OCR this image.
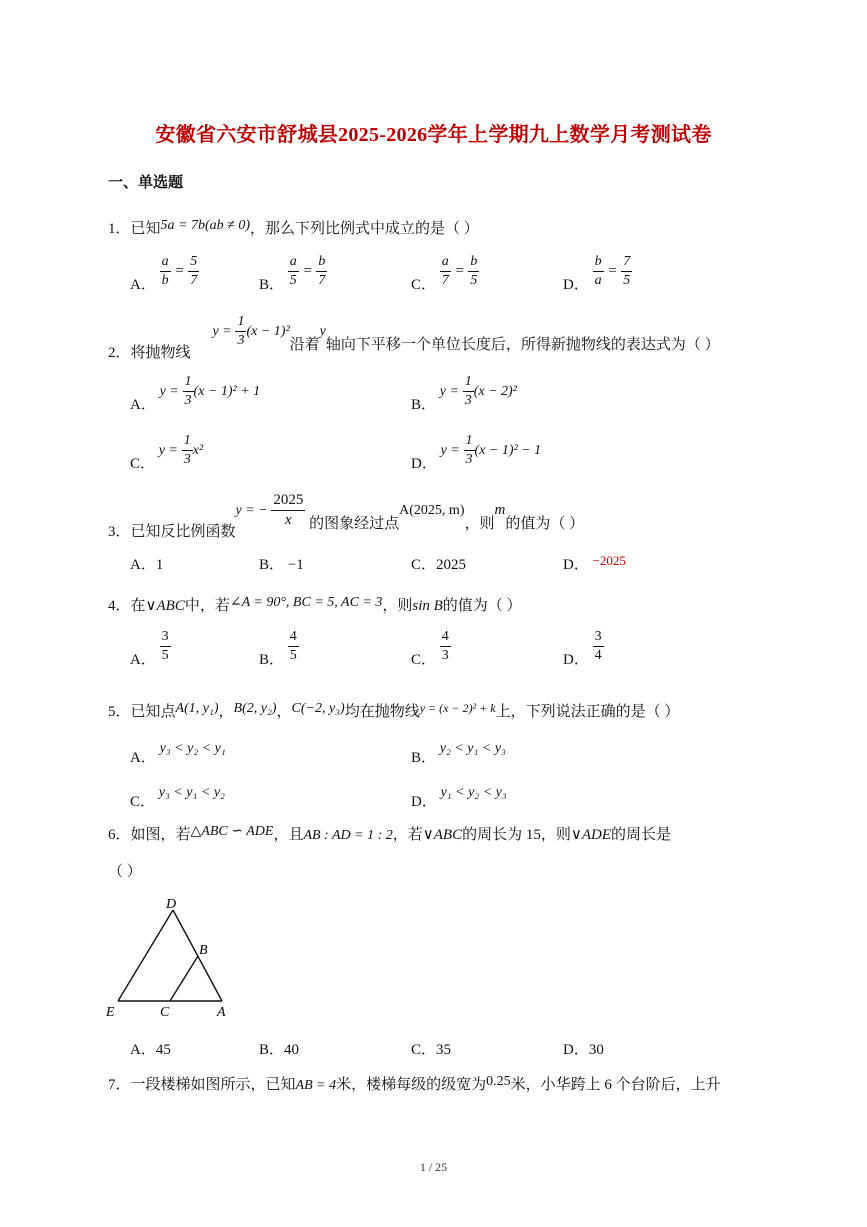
安徽省六安市舒城县2025-2026学年上学期九上数学月考测试卷
一、单选题
1．已知5a = 7b(ab ≠ 0)，那么下列比例式中成立的是（ ）
A． $\frac{a}{b} = \frac{5}{7}$	B． $\frac{a}{5} = \frac{b}{7}$	C． $\frac{a}{7} = \frac{b}{5}$	D． $\frac{b}{a} = \frac{7}{5}$
2．将抛物线$y = \frac{1}{3} (x - 1)^2$沿着y轴向下平移一个单位长度后，所得新抛物线的表达式为（ ）
A． $y = \frac{1}{3} (x - 1)^2 + 1$
B． $y = \frac{1}{3} (x - 2)^2$
C． $y = \frac{1}{3} x^2$
D． $y = \frac{1}{3} (x - 1)^2 - 1$
3．已知反比例函数y = − $\frac{2025}{x}$ 的图象经过点A(2025, m)，则m的值为（ ）
A．1	B． −1	C．2025	D． −2025
4．在∨ABC中，若∠A = 90°, BC = 5, AC = 3，则sin B的值为（ ）
A． $\frac{3}{5}$	B． $\frac{4}{5}$	C． $\frac{4}{3}$	D． $\frac{3}{4}$
5．已知点A(1, y₁)，B(2, y₂)，C(−2, y₃)均在抛物线$^{y = (x - 2)^2 + k}$上，下列说法正确的是（ ）
A． y₃ < y₂ < y₁
B． y₂ < y₁ < y₃
C． y₃ < y₁ < y₂
D． y₁ < y₂ < y₃
6．如图，若△ABC ∽ ADE，且AB : AD = 1 : 2，若∨ABC的周长为 15，则∨ADE的周长是
（ ）
D
B
E	C	A
A．45	B．40	C．35	D．30
7．一段楼梯如图所示，已知AB = 4米，楼梯每级的级宽为0.25米，小华跨上 6 个台阶后，上升
1 / 25
